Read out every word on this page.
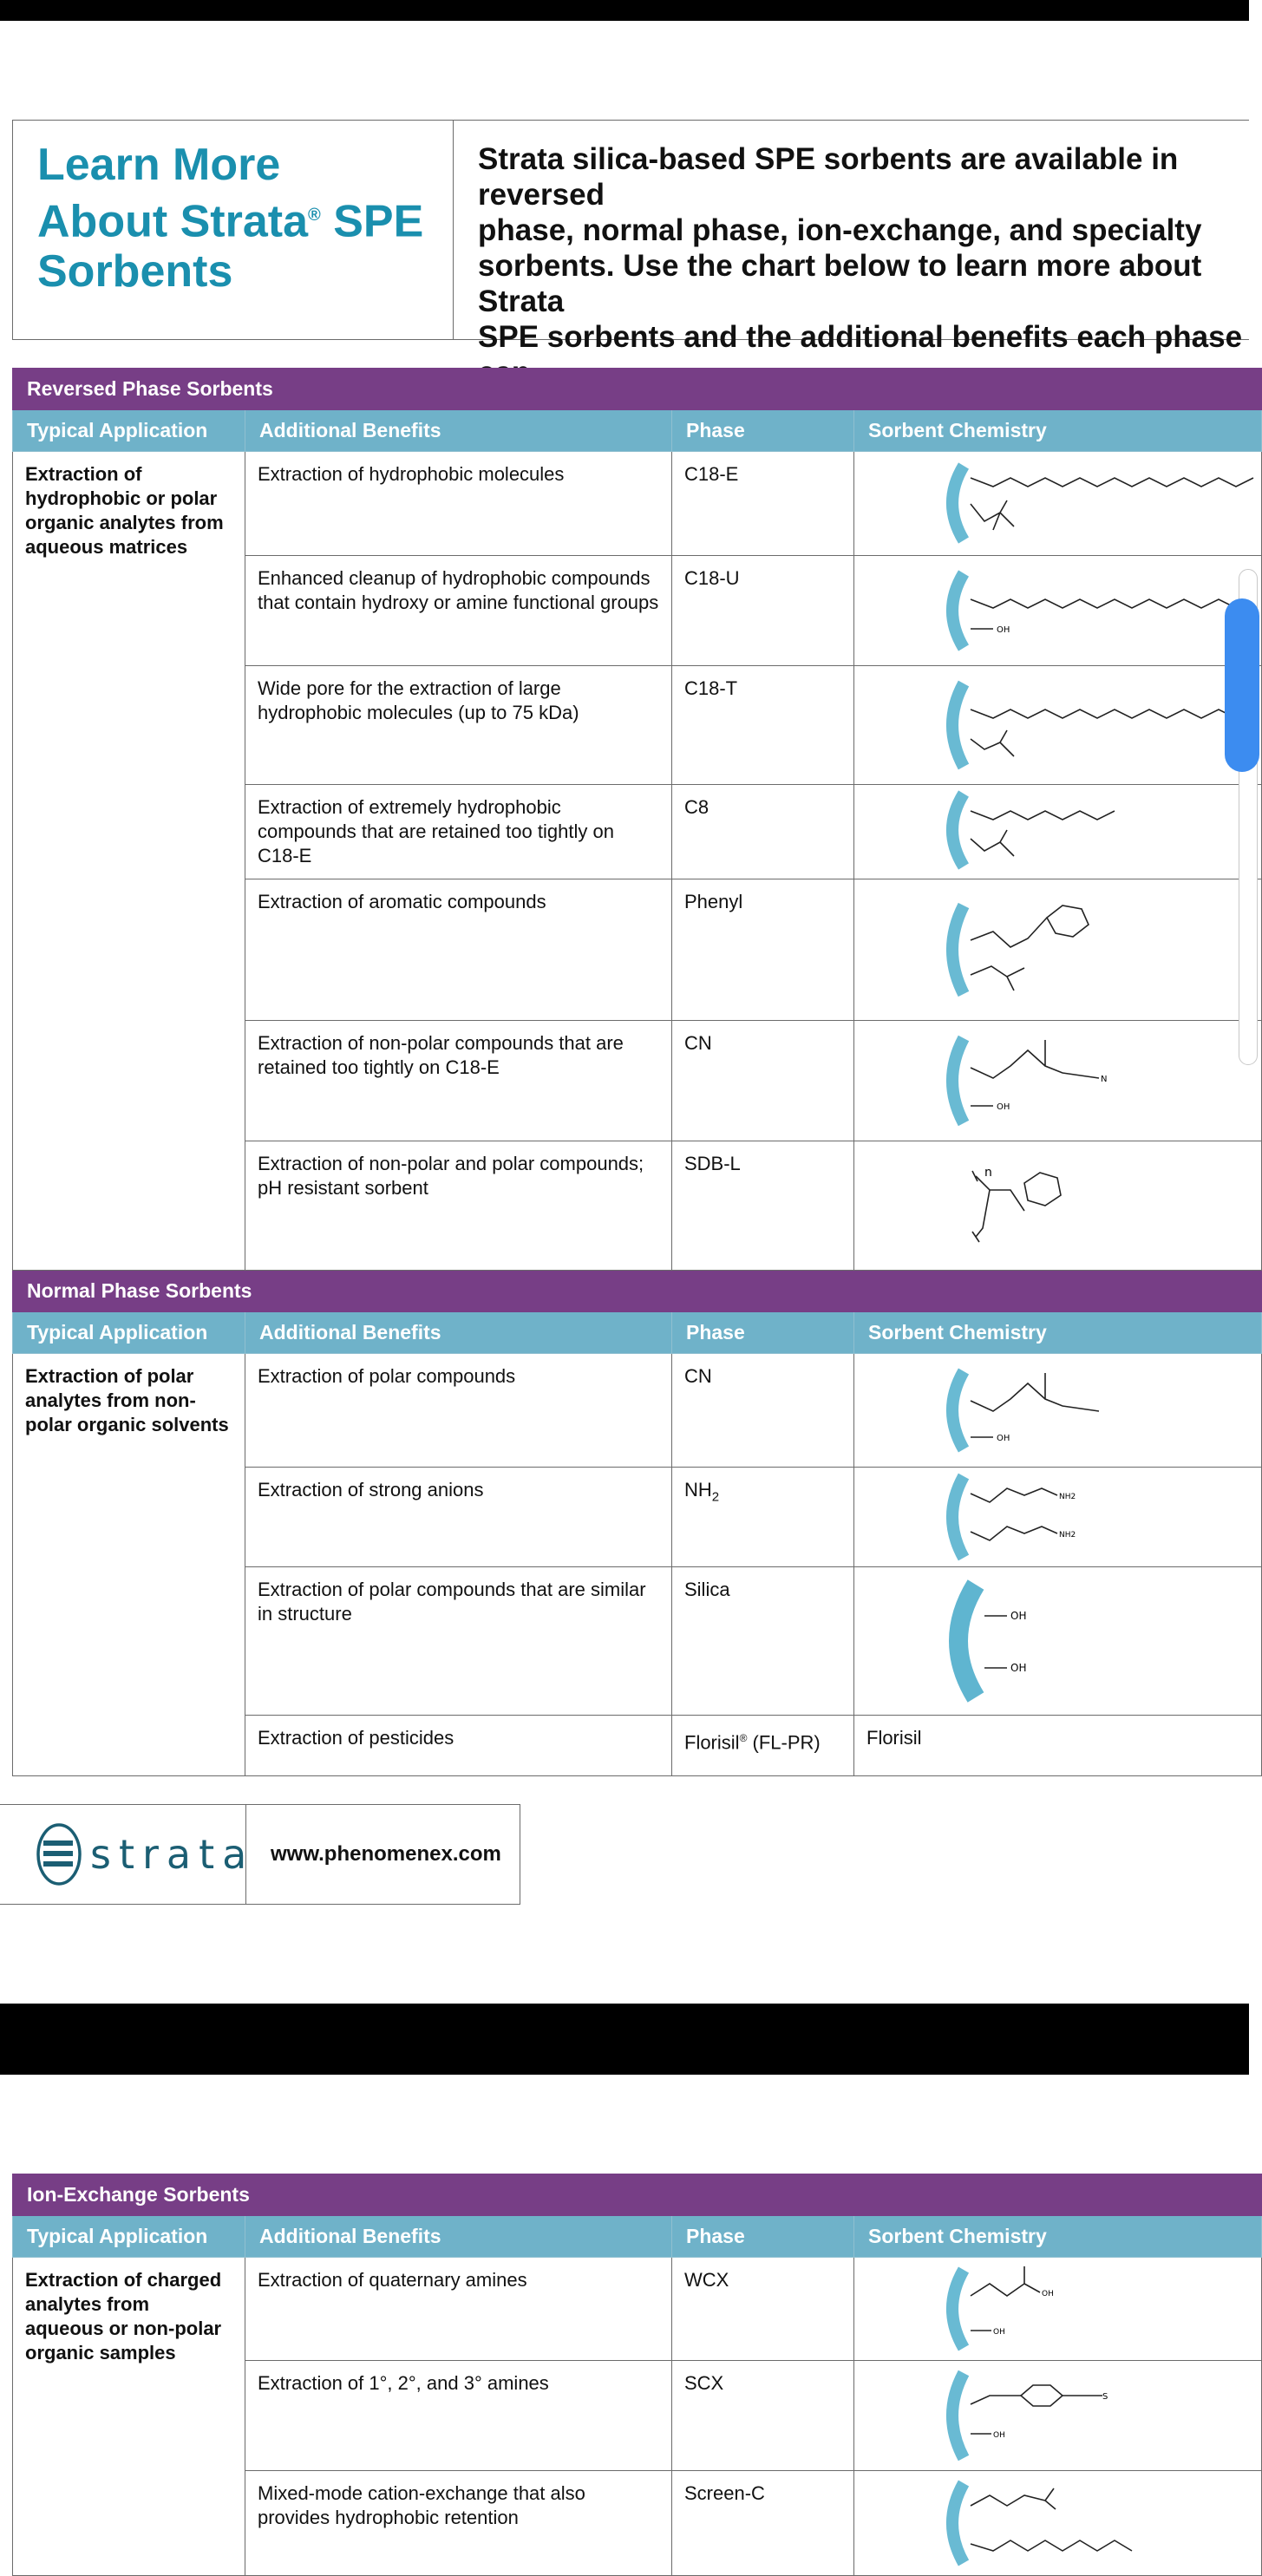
Learn More
About Strata® SPE
Sorbents
Strata silica-based SPE sorbents are available in reversed
phase, normal phase, ion-exchange, and specialty
sorbents. Use the chart below to learn more about Strata
SPE sorbents and the additional benefits each phase

Reversed Phase Sorbents			
Typical Application	Additional Benefits	Phase	Sorbent Chemistry
Extraction of hydrophobic or polar organic analytes from aqueous matrices	Extraction of hydrophobic molecules	C18-E	

	Enhanced cleanup of hydrophobic compounds that contain hydroxy or amine functional groups	C18-U	OH

	Wide pore for the extraction of large hydrophobic molecules (up to 75 kDa)	C18-T	

	Extraction of extremely hydrophobic compounds that are retained too tightly on C18-E	C8	

	Extraction of aromatic compounds	Phenyl	

	Extraction of non-polar compounds that are retained too tightly on C18-E	CN	OH
N

	Extraction of non-polar and polar compounds; pH resistant sorbent	SDB-L	n

Normal Phase Sorbents			
Typical Application	Additional Benefits	Phase	Sorbent Chemistry
Extraction of polar analytes from non-polar organic solvents	Extraction of polar compounds	CN	OH

	Extraction of strong anions	$NH_2$	NH2
NH2

	Extraction of polar compounds that are similar in structure	Silica	OH
OH

	Extraction of pesticides	Florisil® (FL-PR)	Florisil
strata www.phenomenex.com
Ion-Exchange Sorbents			
Typical Application	Additional Benefits	Phase	Sorbent Chemistry
Extraction of charged analytes from aqueous or non-polar organic samples	Extraction of quaternary amines	WCX	OH
OH

	Extraction of 1°, 2°, and 3° amines	SCX	OH
S

	Mixed-mode cation-exchange that also provides hydrophobic retention	Screen-C	
